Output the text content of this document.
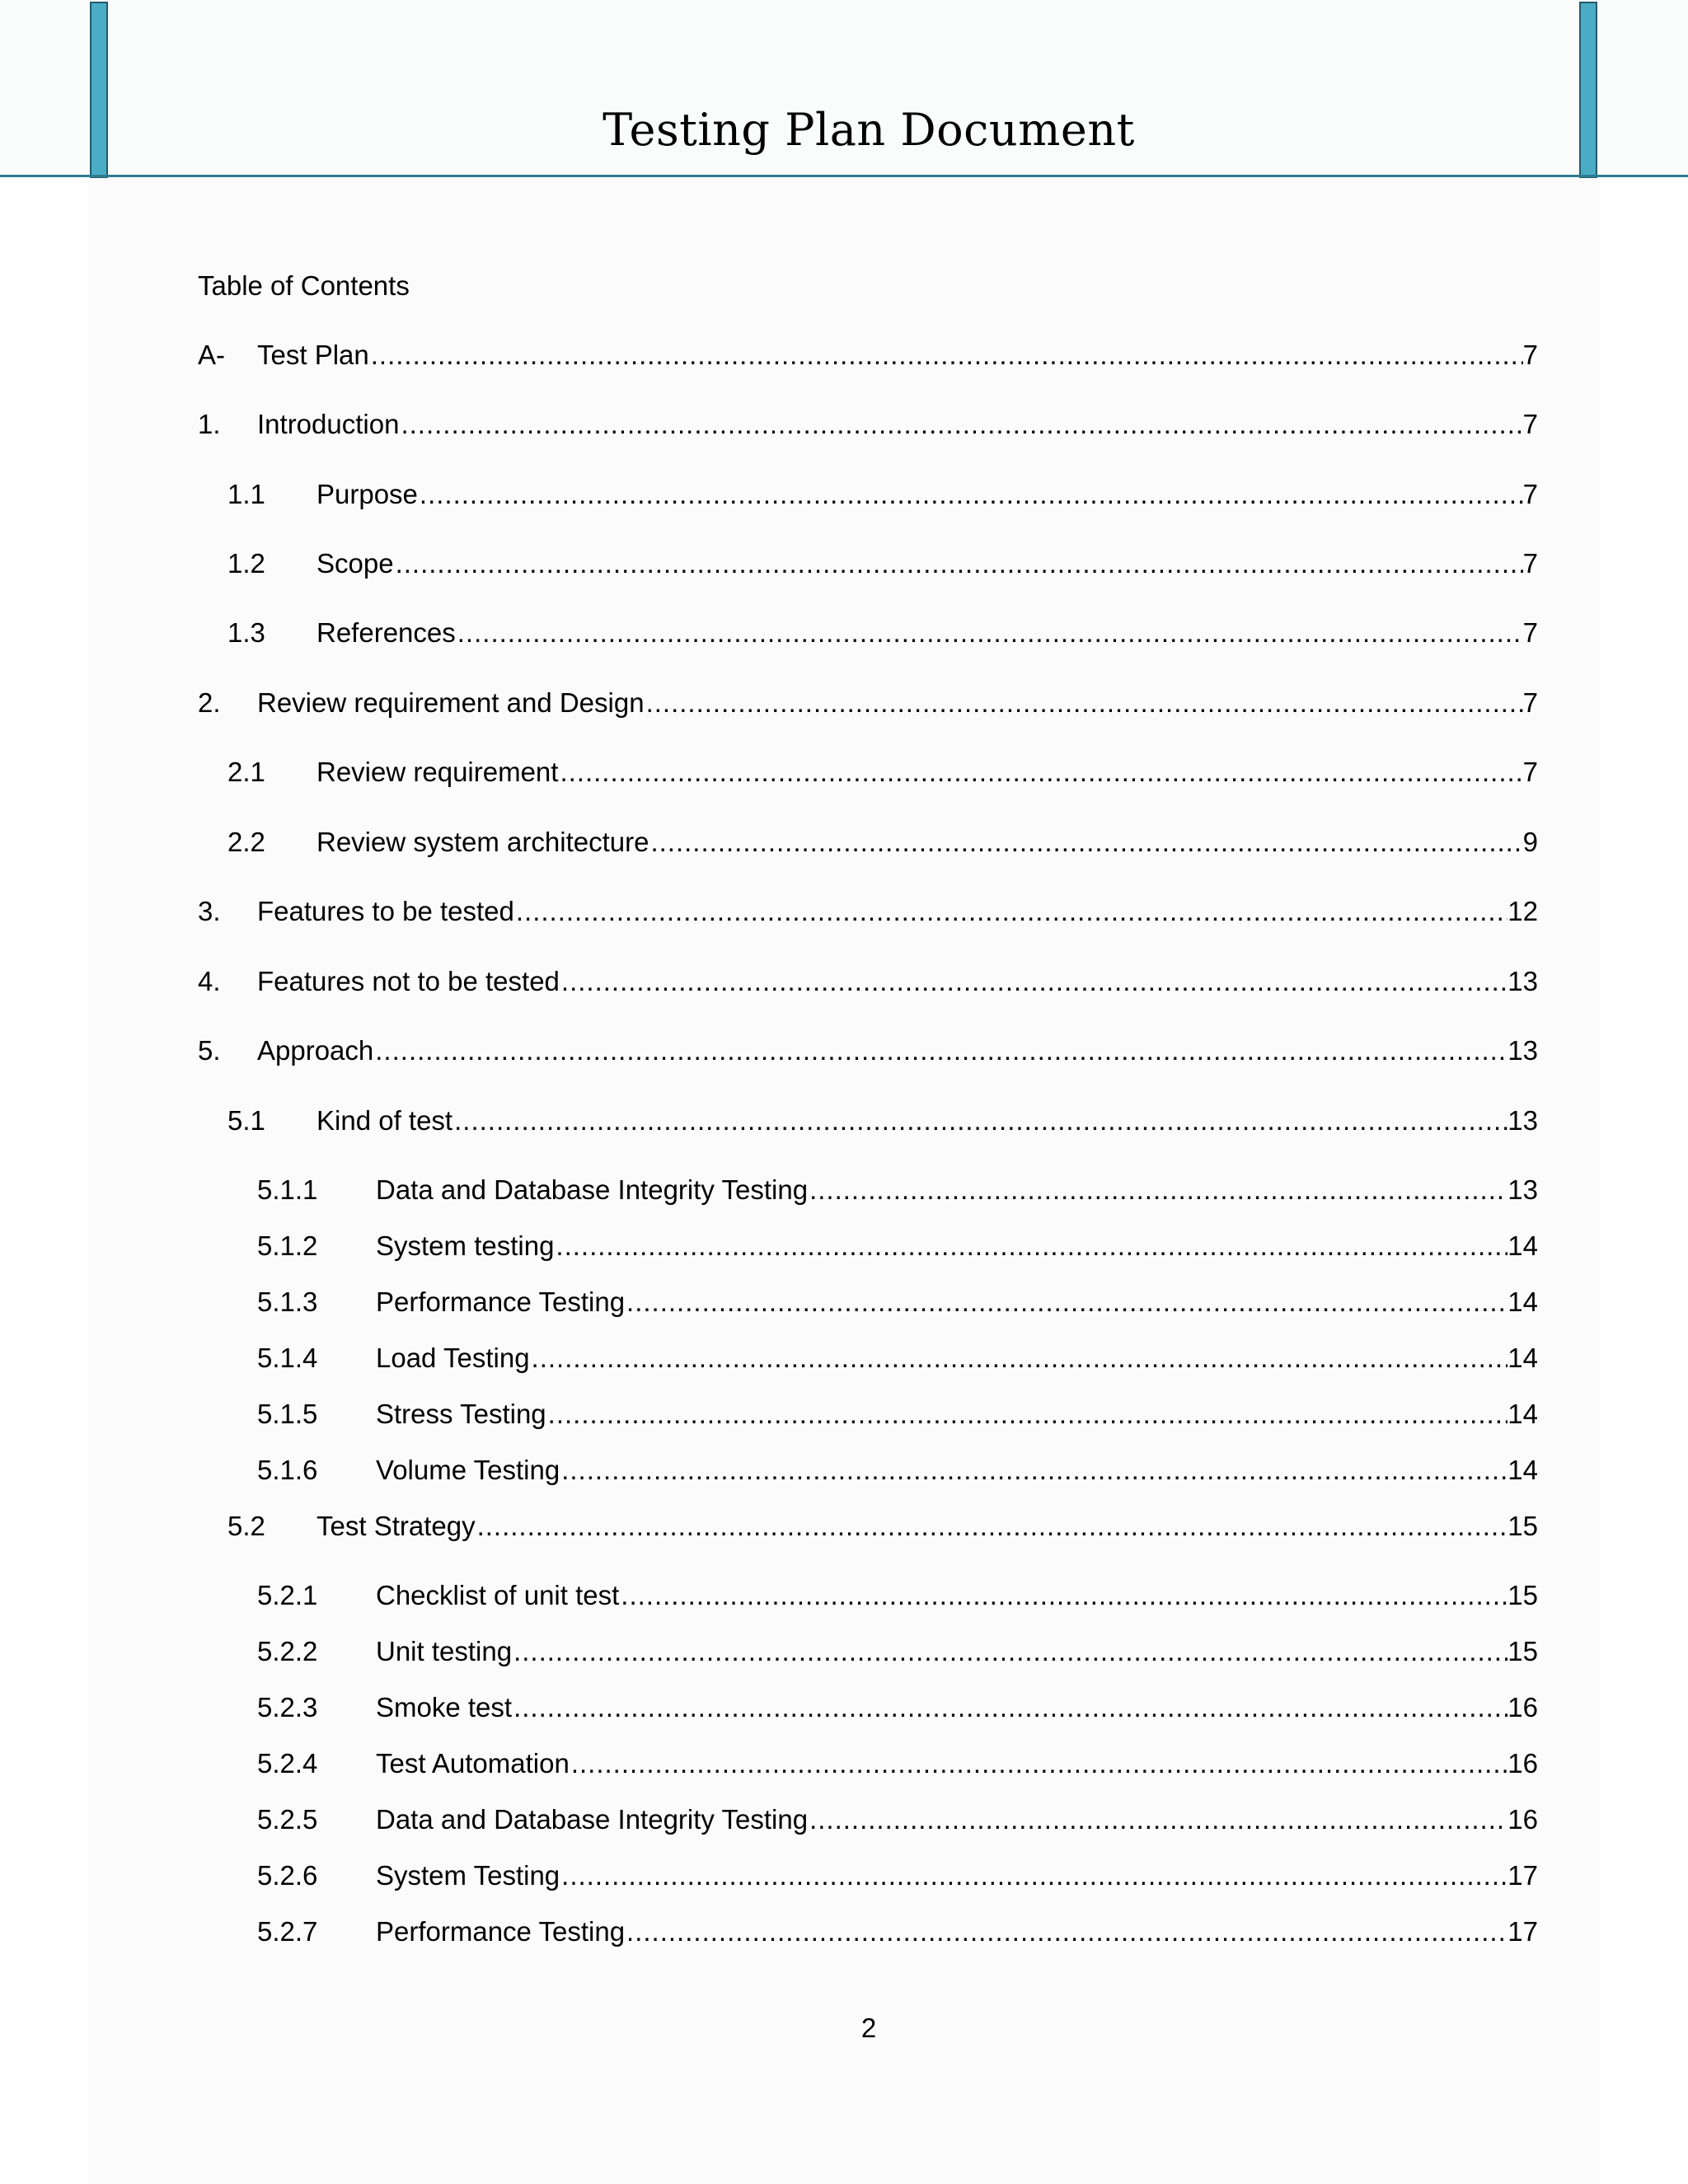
Testing Plan Document
Table of Contents
A-	Test Plan .....	7
1.	Introduction .....	7
1.1	Purpose .....	7
1.2	Scope .....	7
1.3	References .....	7
2.	Review requirement and Design .....	7
2.1	Review requirement .....	7
2.2	Review system architecture .....	9
3.	Features to be tested .....	12
4.	Features not to be tested .....	13
5.	Approach .....	13
5.1	Kind of test .....	13
5.1.1	Data and Database Integrity Testing .....	13
5.1.2	System testing .....	14
5.1.3	Performance Testing .....	14
5.1.4	Load Testing .....	14
5.1.5	Stress Testing .....	14
5.1.6	Volume Testing .....	14
5.2	Test Strategy .....	15
5.2.1	Checklist of unit test .....	15
5.2.2	Unit testing .....	15
5.2.3	Smoke test .....	16
5.2.4	Test Automation .....	16
5.2.5	Data and Database Integrity Testing .....	16
5.2.6	System Testing .....	17
5.2.7	Performance Testing .....	17
2
